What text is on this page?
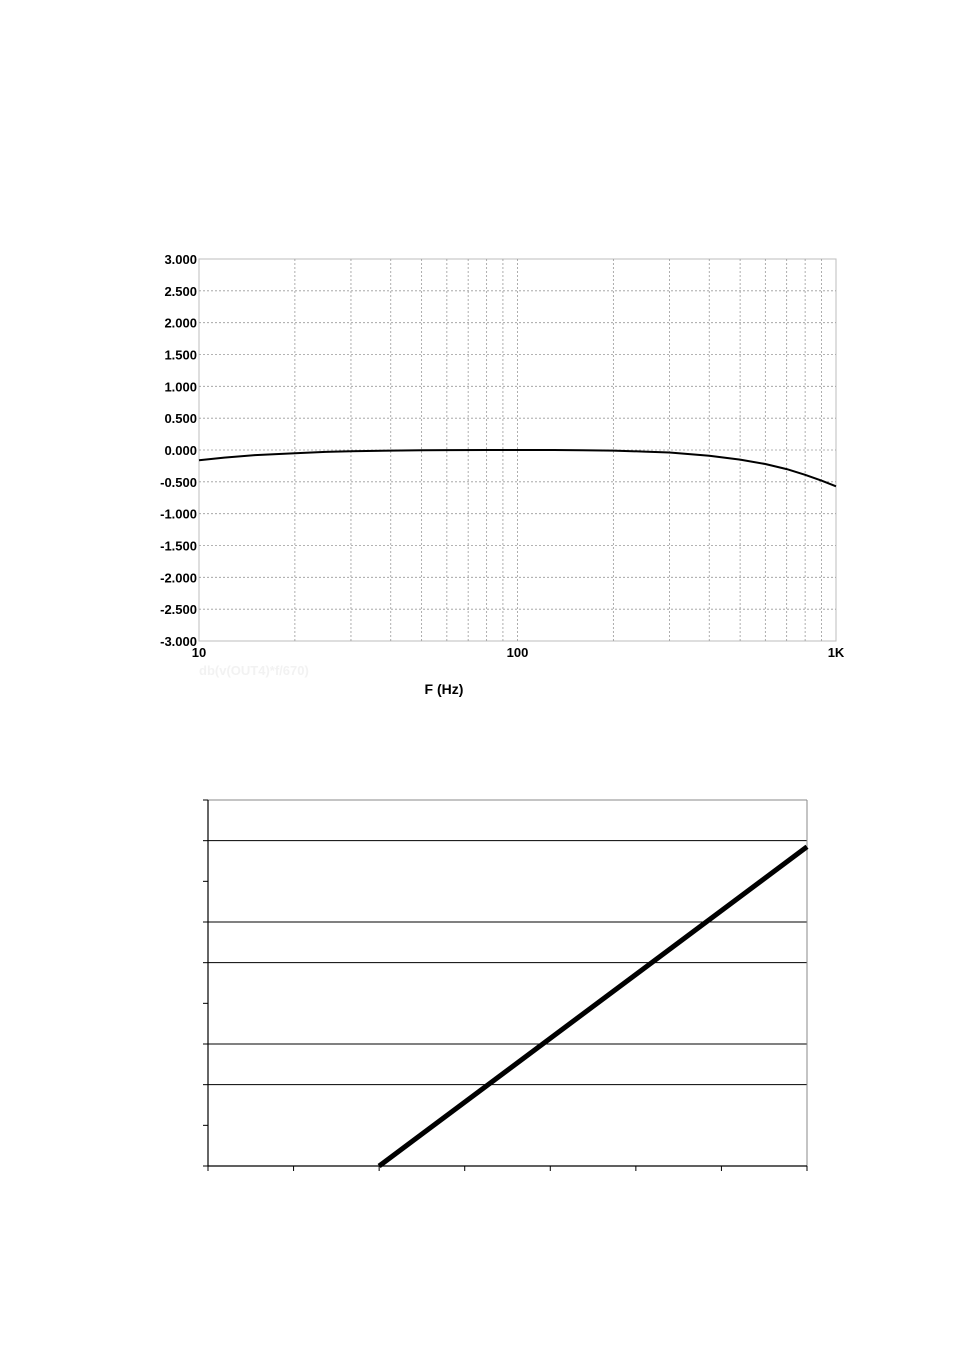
3.000
2.500
2.000
1.500
1.000
0.500
0.000
-0.500
-1.000
-1.500
-2.000
-2.500
-3.000
10	100	1K
db(v(OUT4)*f/670)
F (Hz)
